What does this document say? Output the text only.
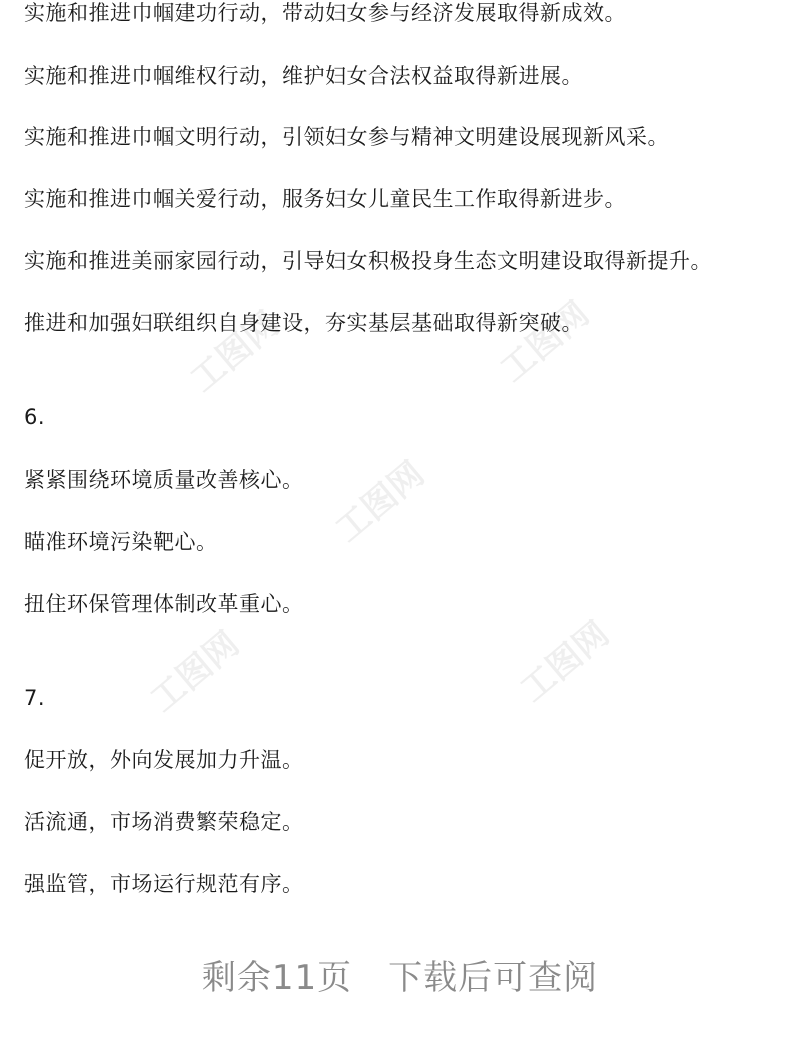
工图网	工图网
工图网
工图网	工图网
实施和推进巾帼建功行动，带动妇女参与经济发展取得新成效。
实施和推进巾帼维权行动，维护妇女合法权益取得新进展。
实施和推进巾帼文明行动，引领妇女参与精神文明建设展现新风采。
实施和推进巾帼关爱行动，服务妇女儿童民生工作取得新进步。
实施和推进美丽家园行动，引导妇女积极投身生态文明建设取得新提升。
推进和加强妇联组织自身建设，夯实基层基础取得新突破。
6.
紧紧围绕环境质量改善核心。
瞄准环境污染靶心。
扭住环保管理体制改革重心。
7.
促开放，外向发展加力升温。
活流通，市场消费繁荣稳定。
强监管，市场运行规范有序。
剩余11页 下载后可查阅
